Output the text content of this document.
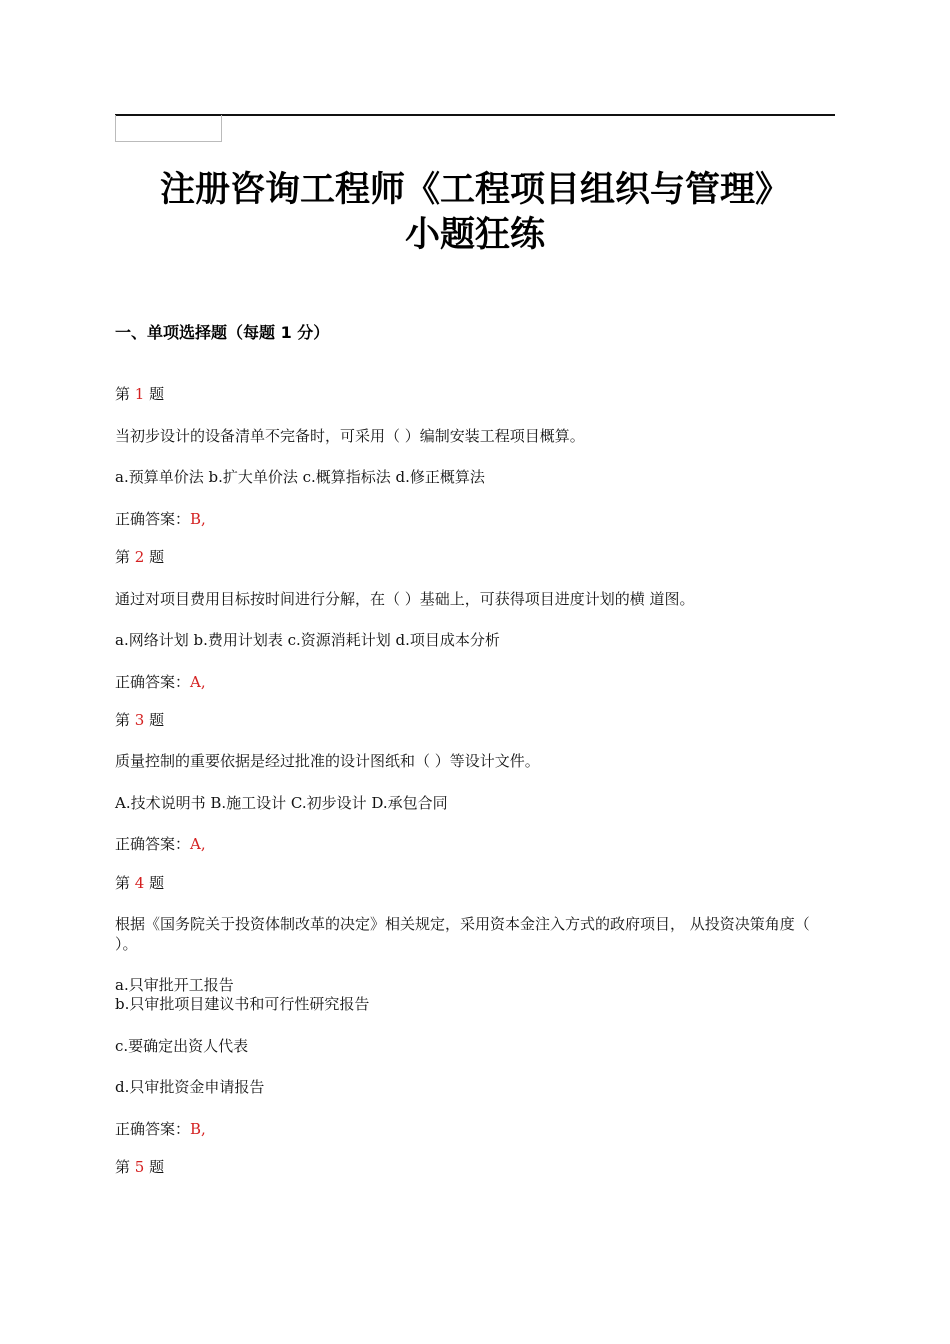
注册咨询工程师《工程项目组织与管理》
小题狂练
一、单项选择题（每题 1 分）
第 1 题
当初步设计的设备清单不完备时，可采用（ ）编制安装工程项目概算。
a.预算单价法 b.扩大单价法 c.概算指标法 d.修正概算法
正确答案：B,
第 2 题
通过对项目费用目标按时间进行分解，在（ ）基础上，可获得项目进度计划的横 道图。
a.网络计划 b.费用计划表 c.资源消耗计划 d.项目成本分析
正确答案：A,
第 3 题
质量控制的重要依据是经过批准的设计图纸和（ ）等设计文件。
A.技术说明书 B.施工设计 C.初步设计 D.承包合同
正确答案：A,
第 4 题
根据《国务院关于投资体制改革的决定》相关规定，采用资本金注入方式的政府项目， 从投资决策角度（ ）。
a.只审批开工报告
b.只审批项目建议书和可行性研究报告
c.要确定出资人代表
d.只审批资金申请报告
正确答案：B,
第 5 题
